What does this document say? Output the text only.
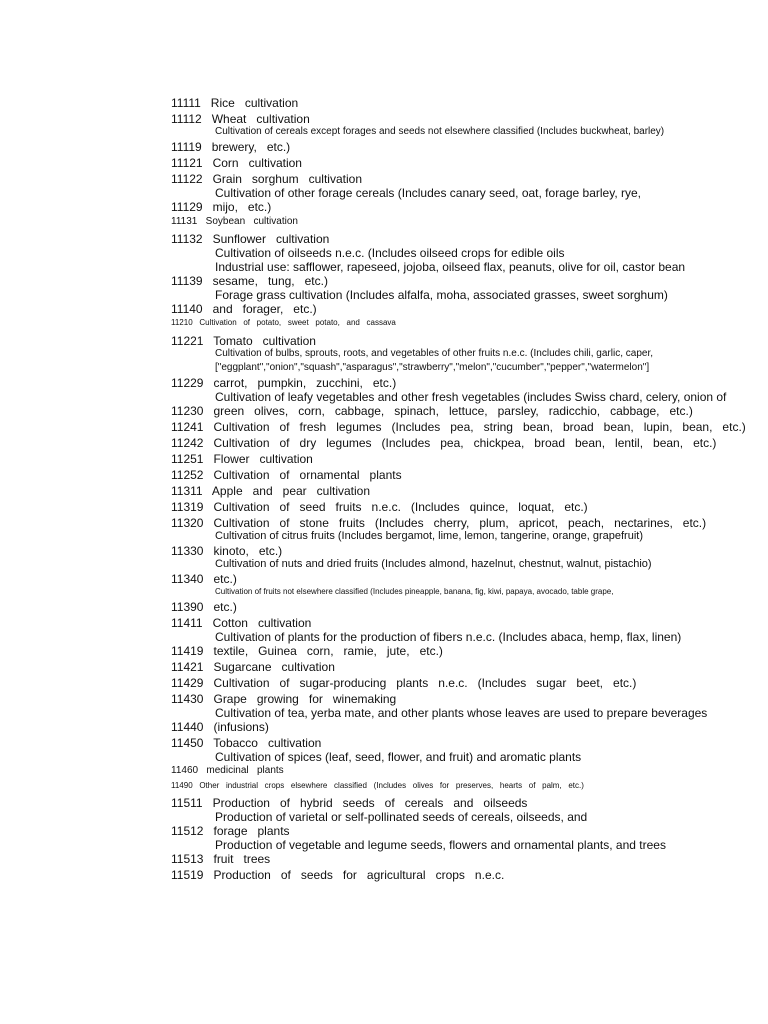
11111   Rice   cultivation
11112   Wheat   cultivation
Cultivation of cereals except forages and seeds not elsewhere classified (Includes buckwheat, barley)
11119   brewery,   etc.)
11121   Corn   cultivation
11122   Grain   sorghum   cultivation
Cultivation of other forage cereals (Includes canary seed, oat, forage barley, rye,
11129   mijo,   etc.)
11131   Soybean   cultivation
11132   Sunflower   cultivation
Cultivation of oilseeds n.e.c. (Includes oilseed crops for edible oils
Industrial use: safflower, rapeseed, jojoba, oilseed flax, peanuts, olive for oil, castor bean
11139   sesame,   tung,   etc.)
Forage grass cultivation (Includes alfalfa, moha, associated grasses, sweet sorghum)
11140   and   forager,   etc.)
11210   Cultivation   of   potato,   sweet   potato,   and   cassava
11221   Tomato   cultivation
Cultivation of bulbs, sprouts, roots, and vegetables of other fruits n.e.c. (Includes chili, garlic, caper,
["eggplant","onion","squash","asparagus","strawberry","melon","cucumber","pepper","watermelon"]
11229   carrot,   pumpkin,   zucchini,   etc.)
Cultivation of leafy vegetables and other fresh vegetables (includes Swiss chard, celery, onion of
11230   green   olives,   corn,   cabbage,   spinach,   lettuce,   parsley,   radicchio,   cabbage,   etc.)
11241   Cultivation   of   fresh   legumes   (Includes   pea,   string   bean,   broad   bean,   lupin,   bean,   etc.)
11242   Cultivation   of   dry   legumes   (Includes   pea,   chickpea,   broad   bean,   lentil,   bean,   etc.)
11251   Flower   cultivation
11252   Cultivation   of   ornamental   plants
11311   Apple   and   pear   cultivation
11319   Cultivation   of   seed   fruits   n.e.c.   (Includes   quince,   loquat,   etc.)
11320   Cultivation   of   stone   fruits   (Includes   cherry,   plum,   apricot,   peach,   nectarines,   etc.)
Cultivation of citrus fruits (Includes bergamot, lime, lemon, tangerine, orange, grapefruit)
11330   kinoto,   etc.)
Cultivation of nuts and dried fruits (Includes almond, hazelnut, chestnut, walnut, pistachio)
11340   etc.)
Cultivation of fruits not elsewhere classified (Includes pineapple, banana, fig, kiwi, papaya, avocado, table grape,
11390   etc.)
11411   Cotton   cultivation
Cultivation of plants for the production of fibers n.e.c. (Includes abaca, hemp, flax, linen)
11419   textile,   Guinea   corn,   ramie,   jute,   etc.)
11421   Sugarcane   cultivation
11429   Cultivation   of   sugar-producing   plants   n.e.c.   (Includes   sugar   beet,   etc.)
11430   Grape   growing   for   winemaking
Cultivation of tea, yerba mate, and other plants whose leaves are used to prepare beverages
11440   (infusions)
11450   Tobacco   cultivation
Cultivation of spices (leaf, seed, flower, and fruit) and aromatic plants
11460   medicinal   plants
11490   Other   industrial   crops   elsewhere   classified   (Includes   olives   for   preserves,   hearts   of   palm,   etc.)
11511   Production   of   hybrid   seeds   of   cereals   and   oilseeds
Production of varietal or self-pollinated seeds of cereals, oilseeds, and
11512   forage   plants
Production of vegetable and legume seeds, flowers and ornamental plants, and trees
11513   fruit   trees
11519   Production   of   seeds   for   agricultural   crops   n.e.c.
